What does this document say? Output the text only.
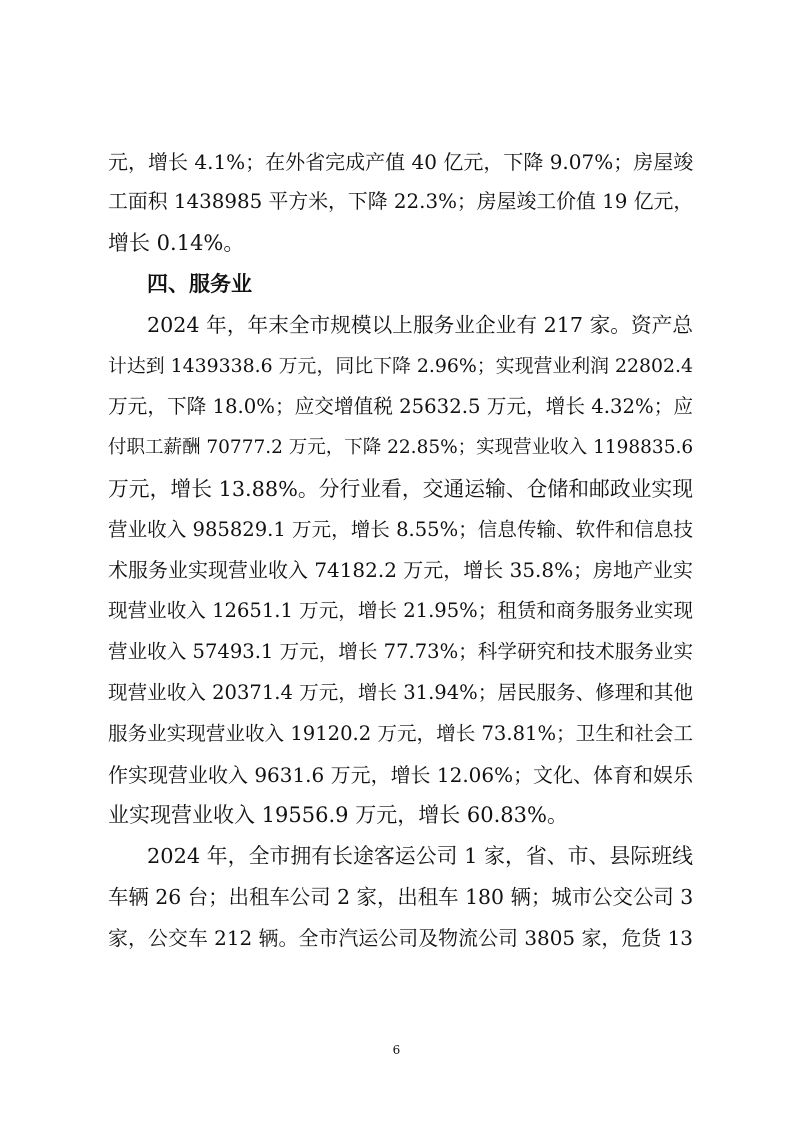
元，增长 4.1%；在外省完成产值 40 亿元，下降 9.07%；房屋竣
工面积 1438985 平方米，下降 22.3%；房屋竣工价值 19 亿元，
增长 0.14%。
四、服务业
2024 年，年末全市规模以上服务业企业有 217 家。资产总
计达到 1439338.6 万元，同比下降 2.96%；实现营业利润 22802.4
万元，下降 18.0%；应交增值税 25632.5 万元，增长 4.32%；应
付职工薪酬 70777.2 万元，下降 22.85%；实现营业收入 1198835.6
万元，增长 13.88%。分行业看，交通运输、仓储和邮政业实现
营业收入 985829.1 万元，增长 8.55%；信息传输、软件和信息技
术服务业实现营业收入 74182.2 万元，增长 35.8%；房地产业实
现营业收入 12651.1 万元，增长 21.95%；租赁和商务服务业实现
营业收入 57493.1 万元，增长 77.73%；科学研究和技术服务业实
现营业收入 20371.4 万元，增长 31.94%；居民服务、修理和其他
服务业实现营业收入 19120.2 万元，增长 73.81%；卫生和社会工
作实现营业收入 9631.6 万元，增长 12.06%；文化、体育和娱乐
业实现营业收入 19556.9 万元，增长 60.83%。
2024 年，全市拥有长途客运公司 1 家，省、市、县际班线
车辆 26 台；出租车公司 2 家，出租车 180 辆；城市公交公司 3
家，公交车 212 辆。全市汽运公司及物流公司 3805 家，危货 13
6
